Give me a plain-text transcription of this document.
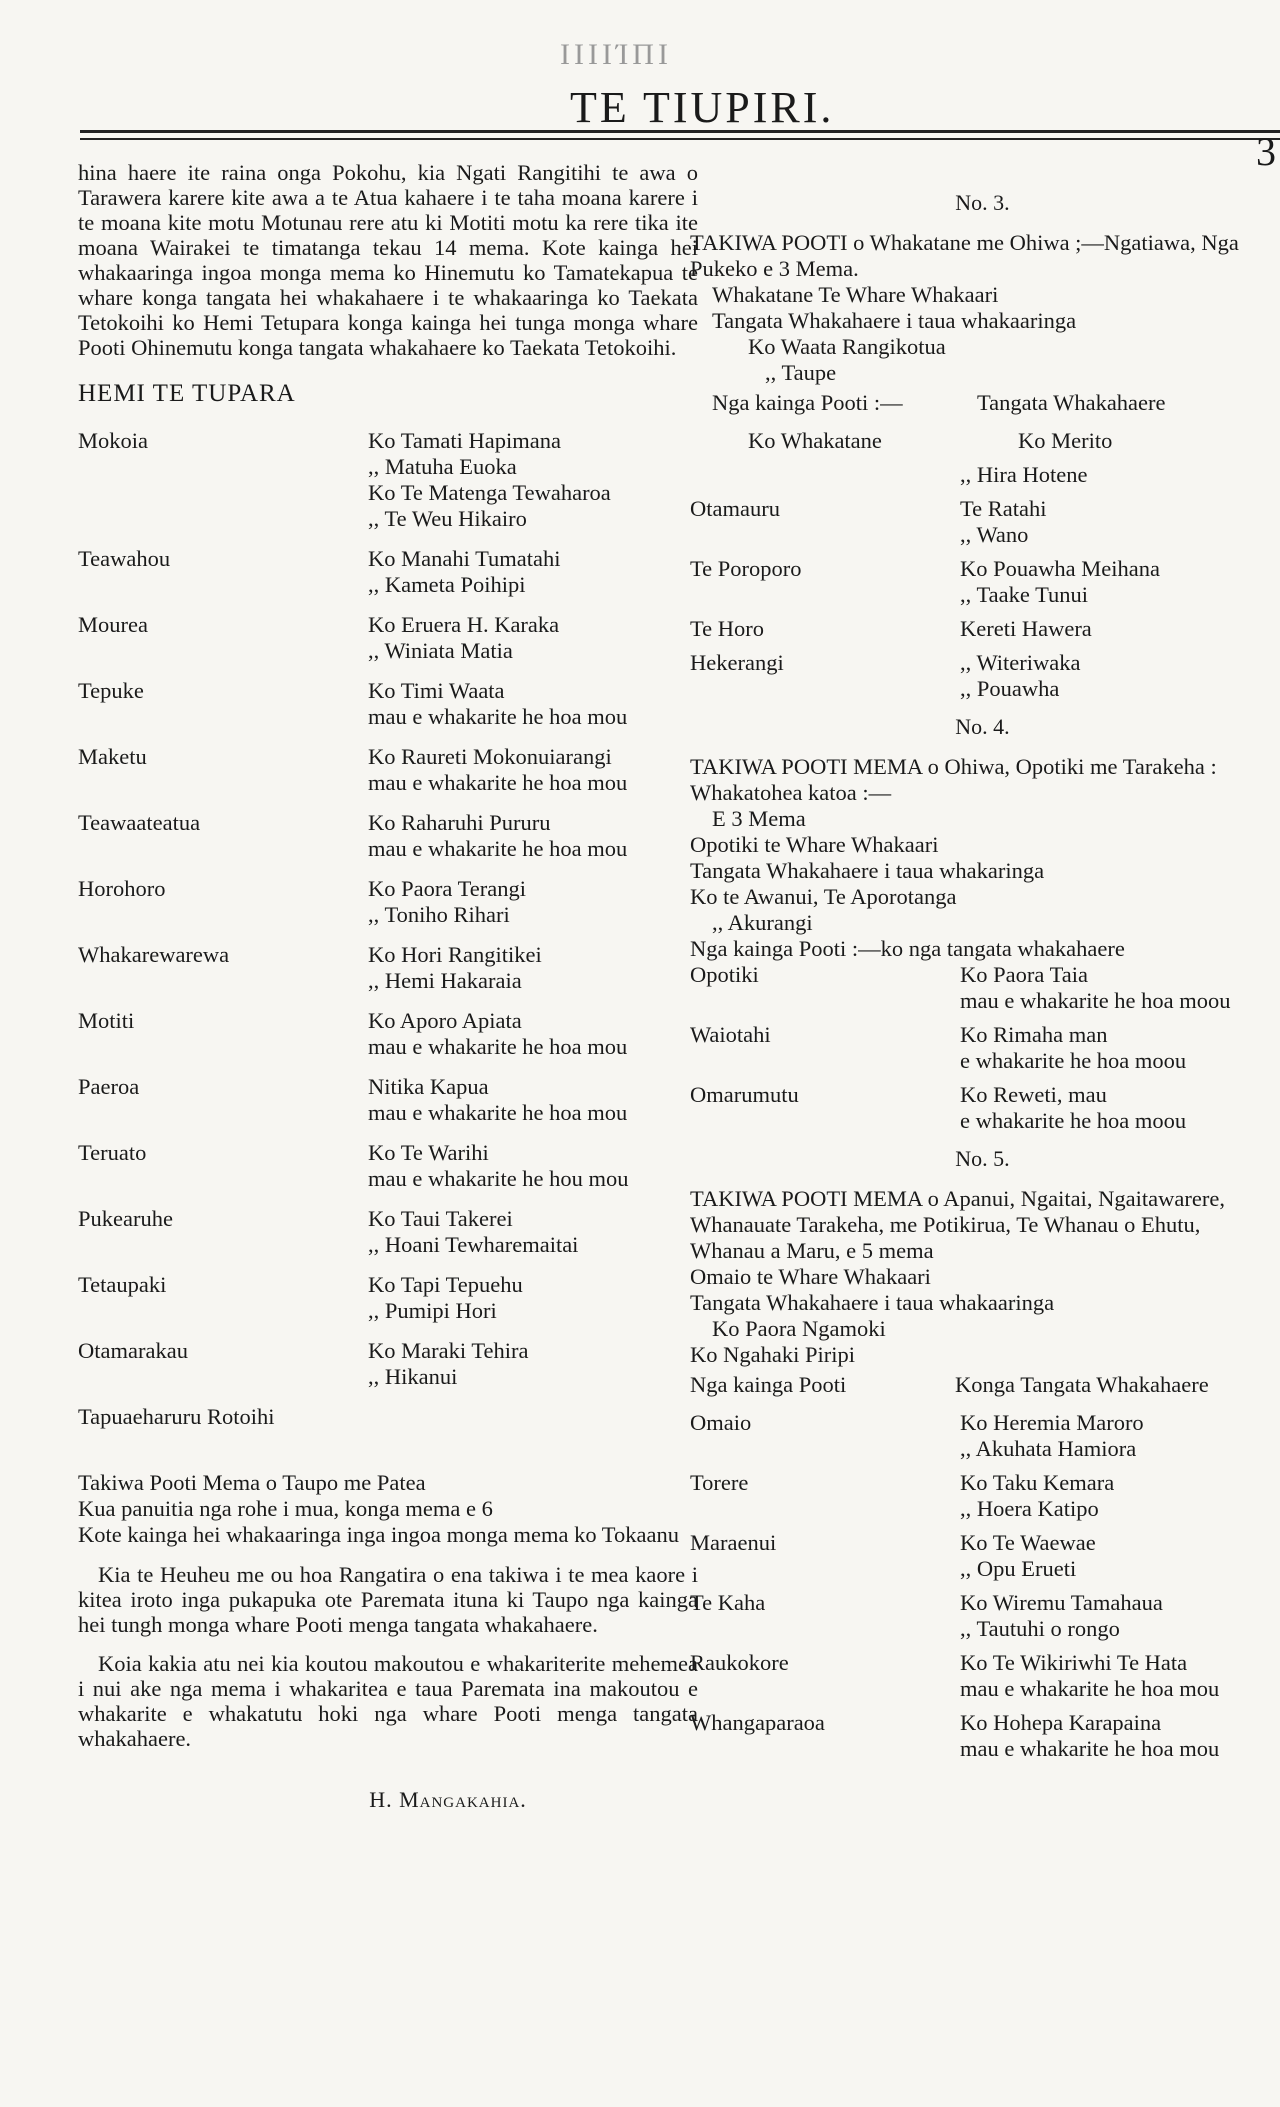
ΙΙΙΙΊΠΙ
TE TIUPIRI.
3

hina haere ite raina onga Pokohu, kia Ngati Rangitihi te awa o Tarawera karere kite awa a te Atua kahaere i te taha moana karere i te moana kite motu Motunau rere atu ki Motiti motu ka rere tika ite moana Wairakei te timatanga tekau 14 mema. Kote kainga hei whakaaringa ingoa monga mema ko Hinemutu ko Tamatekapua te whare konga tangata hei whakahaere i te whakaaringa ko Taekata Tetokoihi ko Hemi Tetupara konga kainga hei tunga monga whare Pooti Ohinemutu konga tangata whakahaere ko Taekata Tetokoihi.

HEMI TE TUPARA
Mokoia	Ko Tamati Hapimana
,, Matuha Euoka
Ko Te Matenga Tewaharoa
,, Te Weu Hikairo
Teawahou	Ko Manahi Tumatahi
,, Kameta Poihipi
Mourea	Ko Eruera H. Karaka
,, Winiata Matia
Tepuke	Ko Timi Waata
mau e whakarite he hoa mou
Maketu	Ko Raureti Mokonuiarangi
mau e whakarite he hoa mou
Teawaateatua	Ko Raharuhi Pururu
mau e whakarite he hoa mou
Horohoro	Ko Paora Terangi
,, Toniho Rihari
Whakarewarewa	Ko Hori Rangitikei
,, Hemi Hakaraia
Motiti	Ko Aporo Apiata
mau e whakarite he hoa mou
Paeroa	Nitika Kapua
mau e whakarite he hoa mou
Teruato	Ko Te Warihi
mau e whakarite he hou mou
Pukearuhe	Ko Taui Takerei
,, Hoani Tewharemaitai
Tetaupaki	Ko Tapi Tepuehu
,, Pumipi Hori
Otamarakau	Ko Maraki Tehira
,, Hikanui
Tapuaeharuru Rotoihi

Takiwa Pooti Mema o Taupo me Patea

Kua panuitia nga rohe i mua, konga mema e 6

Kote kainga hei whakaaringa inga ingoa monga mema ko Tokaanu

Kia te Heuheu me ou hoa Rangatira o ena takiwa i te mea kaore i kitea iroto inga pukapuka ote Paremata ituna ki Taupo nga kainga hei tungh monga whare Pooti menga tangata whakahaere.

Koia kakia atu nei kia koutou makoutou e whakariterite mehemea i nui ake nga mema i whakaritea e taua Paremata ina makoutou e whakarite e whakatutu hoki nga whare Pooti menga tangata whakahaere.

H. Mangakahia.
No. 3.

TAKIWA POOTI o Whakatane me Ohiwa ;—Ngatiawa, Nga Pukeko e 3 Mema.

Whakatane Te Whare Whakaari

Tangata Whakahaere i taua whakaaringa

Ko Waata Rangikotua

,, Taupe

Nga kainga Pooti :—	Tangata Whakahaere
Ko Whakatane	Ko Merito
,, Hira Hotene
Otamauru	Te Ratahi
,, Wano
Te Poroporo	Ko Pouawha Meihana
,, Taake Tunui
Te Horo	Kereti Hawera
Hekerangi	,, Witeriwaka
,, Pouawha
No. 4.

TAKIWA POOTI MEMA o Ohiwa, Opotiki me Tarakeha : Whakatohea katoa :—

E 3 Mema

Opotiki te Whare Whakaari

Tangata Whakahaere i taua whakaringa

Ko te Awanui, Te Aporotanga

,, Akurangi

Nga kainga Pooti :—ko nga tangata whakahaere

Opotiki	Ko Paora Taia
mau e whakarite he hoa moou
Waiotahi	Ko Rimaha man
e whakarite he hoa moou
Omarumutu	Ko Reweti, mau
e whakarite he hoa moou
No. 5.

TAKIWA POOTI MEMA o Apanui, Ngaitai, Ngaitawarere, Whanauate Tarakeha, me Potikirua, Te Whanau o Ehutu, Whanau a Maru, e 5 mema

Omaio te Whare Whakaari

Tangata Whakahaere i taua whakaaringa

Ko Paora Ngamoki

Ko Ngahaki Piripi

Nga kainga Pooti	Konga Tangata Whakahaere
Omaio	Ko Heremia Maroro
,, Akuhata Hamiora
Torere	Ko Taku Kemara
,, Hoera Katipo
Maraenui	Ko Te Waewae
,, Opu Erueti
Te Kaha	Ko Wiremu Tamahaua
,, Tautuhi o rongo
Raukokore	Ko Te Wikiriwhi Te Hata
mau e whakarite he hoa mou
Whangaparaoa	Ko Hohepa Karapaina
mau e whakarite he hoa mou
